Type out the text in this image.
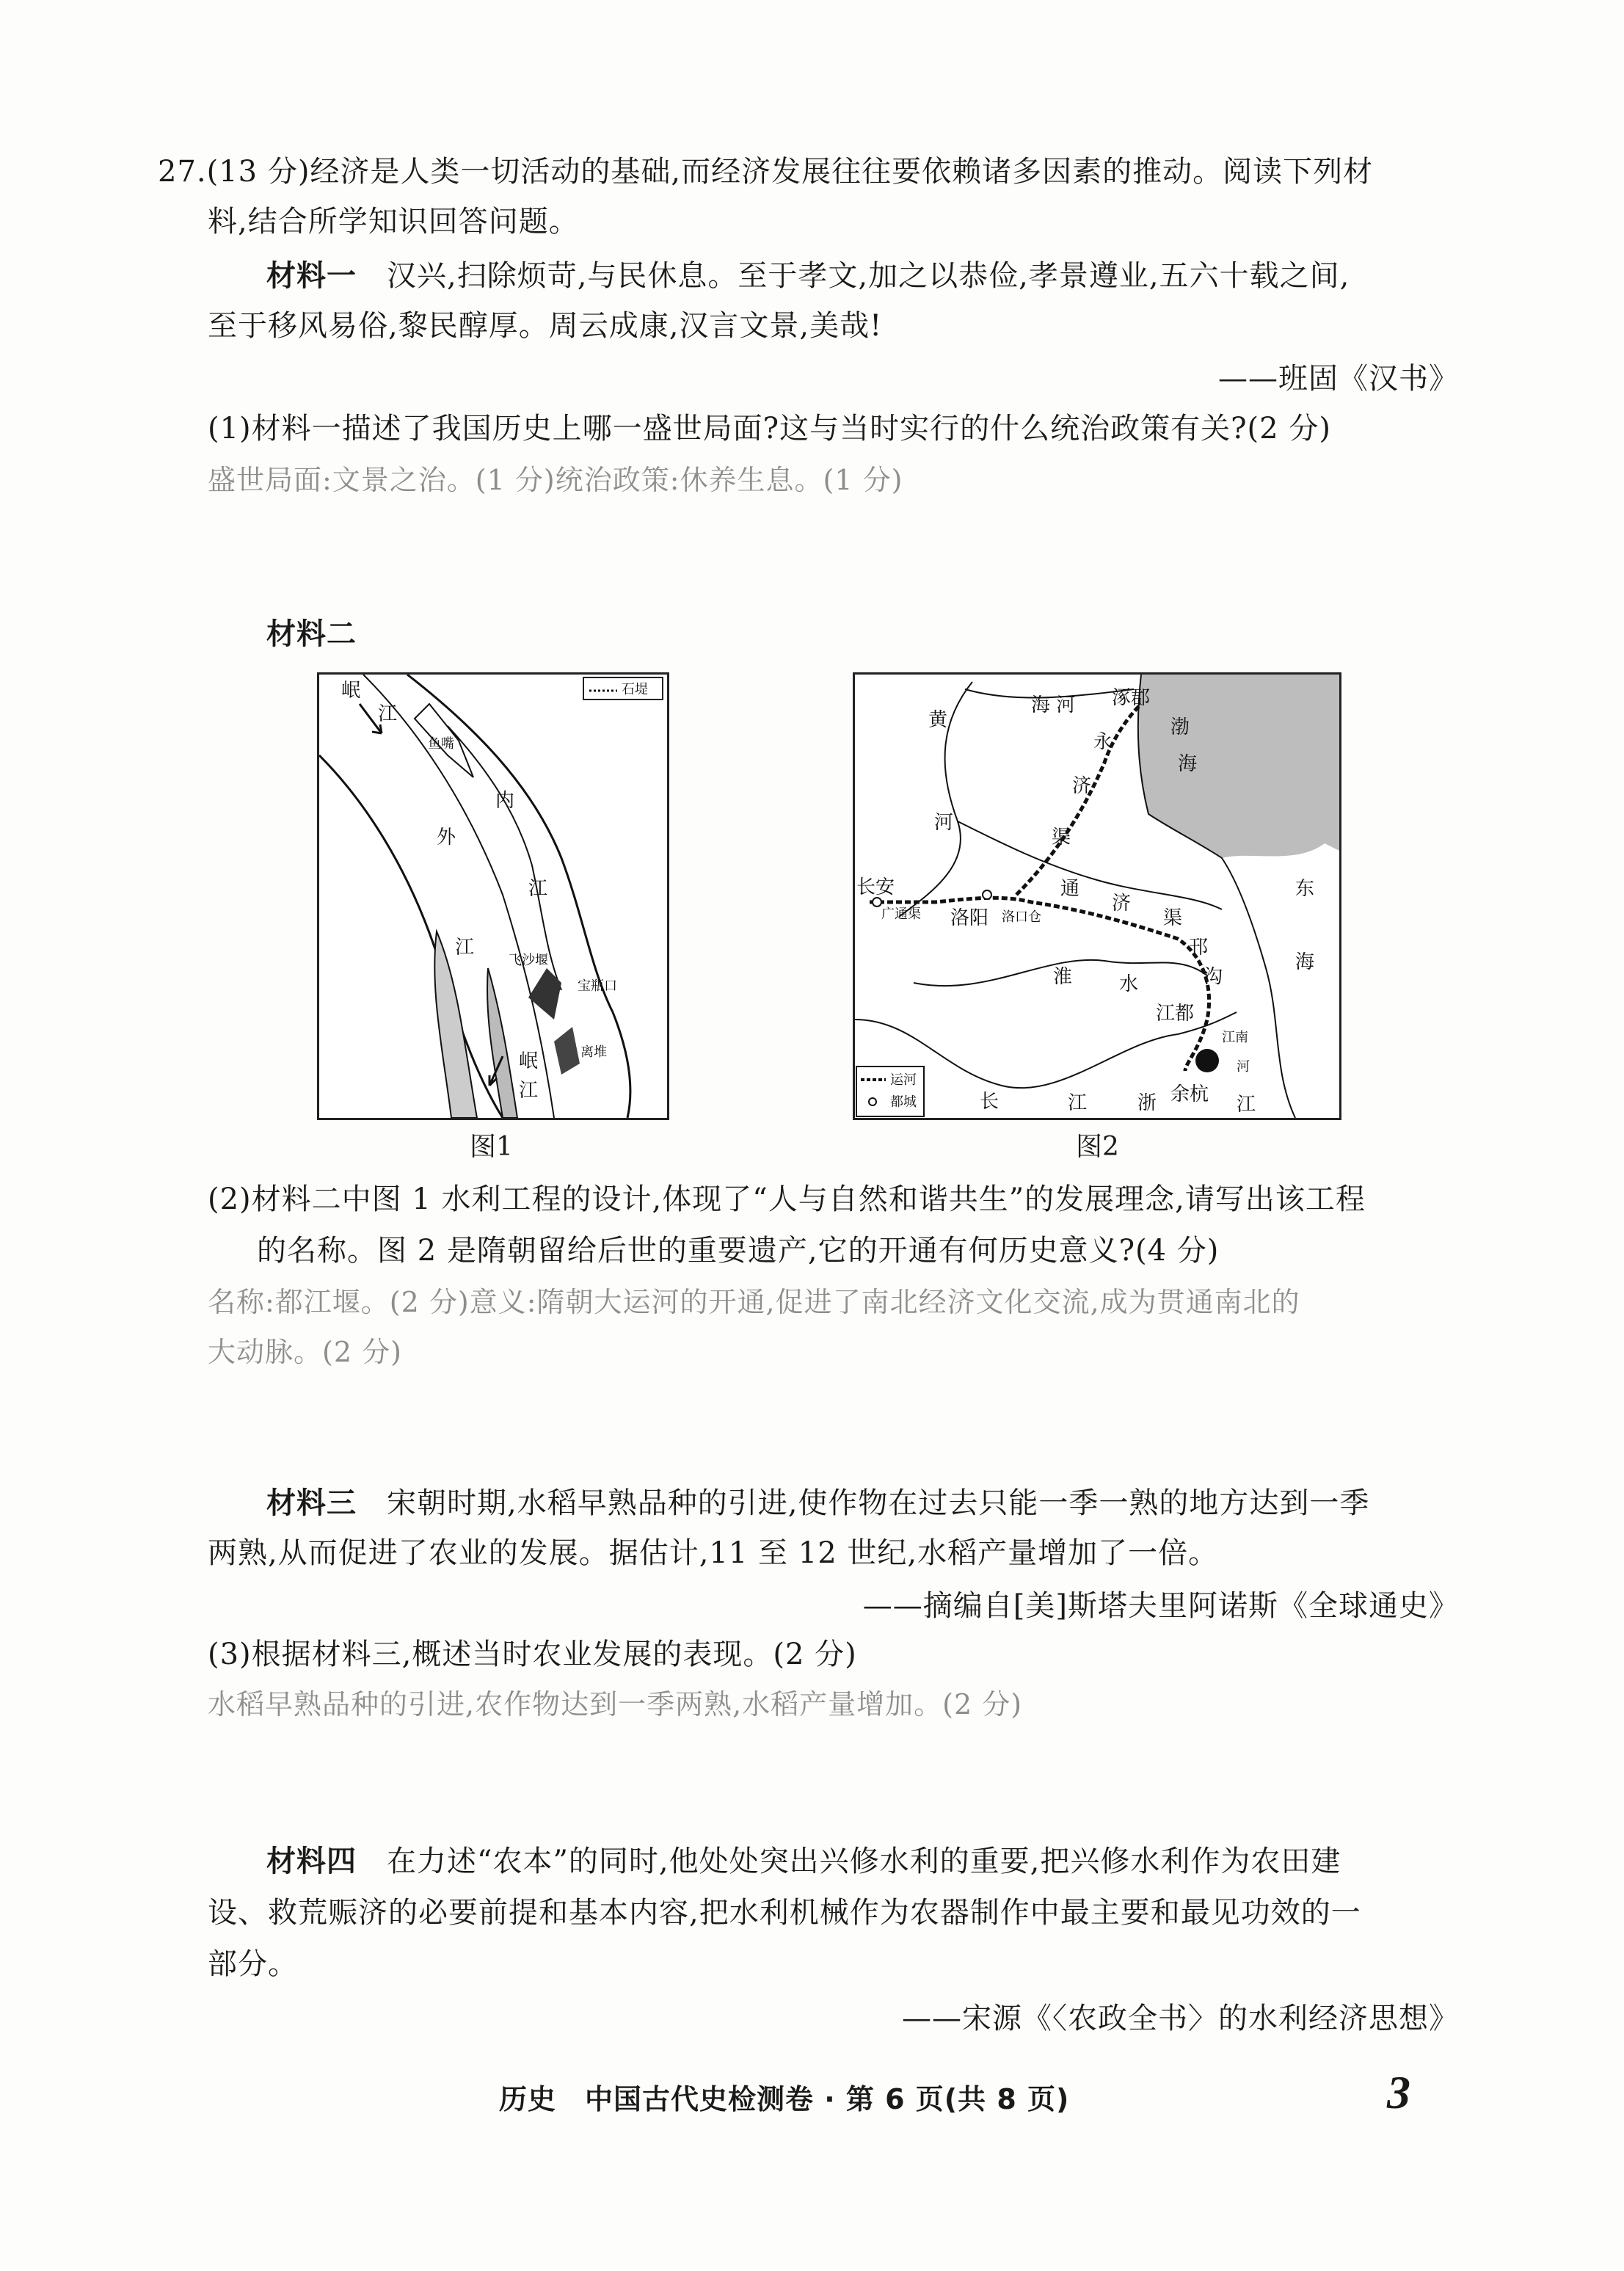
27.(13 分)经济是人类一切活动的基础,而经济发展往往要依赖诸多因素的推动。阅读下列材
料,结合所学知识回答问题。
材料一　 汉兴,扫除烦苛,与民休息。至于孝文,加之以恭俭,孝景遵业,五六十载之间,
至于移风易俗,黎民醇厚。周云成康,汉言文景,美哉!
——班固《汉书》
(1)材料一描述了我国历史上哪一盛世局面?这与当时实行的什么统治政策有关?(2 分)
盛世局面:文景之治。(1 分)统治政策:休养生息。(1 分)
材料二
石堤
岷
江
鱼嘴
外
江
内
江
飞沙堰
宝瓶口
离堆
岷
江
图1
黄
河
海 河 涿郡
永
济
渠
渤
海
长安
广通渠 洛阳 洛口仓
通
济
渠
东
海
淮 水
江都
邗
沟
江南
河
余杭
长	江	浙	江
运河
都城
图2
(2)材料二中图 1 水利工程的设计,体现了“人与自然和谐共生”的发展理念,请写出该工程
的名称。图 2 是隋朝留给后世的重要遗产,它的开通有何历史意义?(4 分)
名称:都江堰。(2 分)意义:隋朝大运河的开通,促进了南北经济文化交流,成为贯通南北的
大动脉。(2 分)
材料三　 宋朝时期,水稻早熟品种的引进,使作物在过去只能一季一熟的地方达到一季
两熟,从而促进了农业的发展。据估计,11 至 12 世纪,水稻产量增加了一倍。
——摘编自[美]斯塔夫里阿诺斯《全球通史》
(3)根据材料三,概述当时农业发展的表现。(2 分)
水稻早熟品种的引进,农作物达到一季两熟,水稻产量增加。(2 分)
材料四　 在力述“农本”的同时,他处处突出兴修水利的重要,把兴修水利作为农田建
设、救荒赈济的必要前提和基本内容,把水利机械作为农器制作中最主要和最见功效的一
部分。
——宋源《〈农政全书〉的水利经济思想》
历史　中国古代史检测卷 · 第 6 页(共 8 页)	3
